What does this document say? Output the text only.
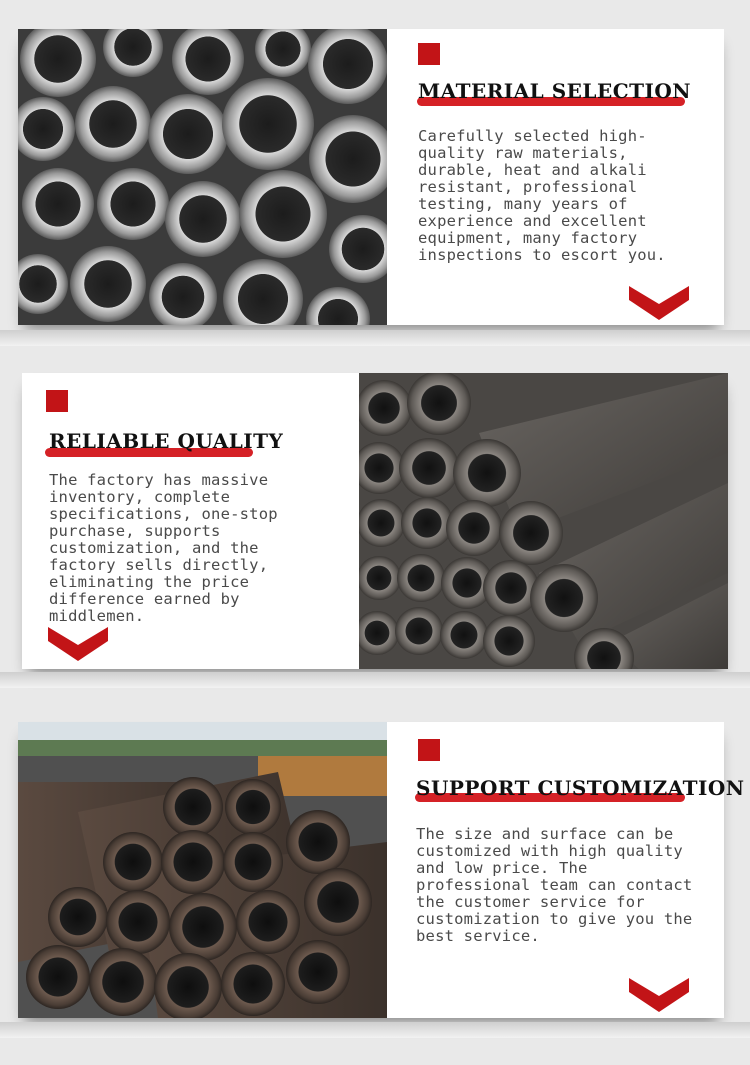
MATERIAL SELECTION
Carefully selected high-quality raw materials, durable, heat and alkali resistant, professional testing, many years of experience and excellent equipment, many factory inspections to escort you.
RELIABLE QUALITY
The factory has massive inventory, complete specifications, one-stop purchase, supports customization, and the factory sells directly, eliminating the price difference earned by middlemen.
SUPPORT CUSTOMIZATION
The size and surface can be customized with high quality and low price. The professional team can contact the customer service for customization to give you the best service.
